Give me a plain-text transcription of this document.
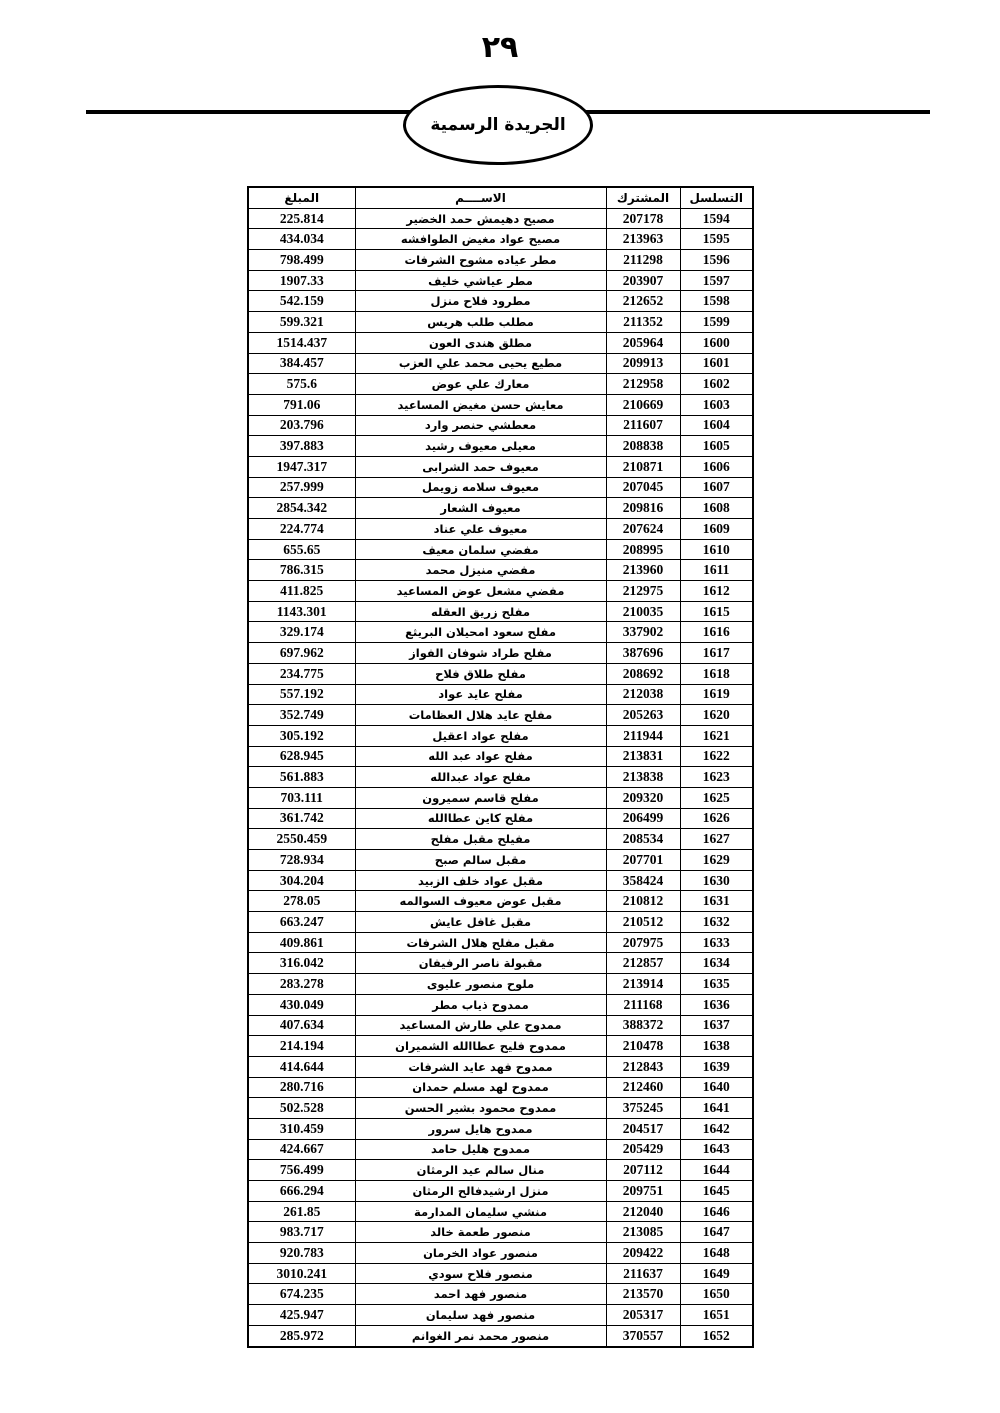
٢٩
الجريدة الرسمية
المبلغ	الاســــم	المشترك	التسلسل
225.814	مصيح دهيمش حمد الخضير	207178	1594
434.034	مصيح عواد مغيض الطوافشه	213963	1595
798.499	مطر عياده مشوح الشرفات	211298	1596
1907.33	مطر عياشي خليف	203907	1597
542.159	مطرود فلاح منزل	212652	1598
599.321	مطلب طلب هريس	211352	1599
1514.437	مطلق هندى العون	205964	1600
384.457	مطيع يحيى محمد علي العزب	209913	1601
575.6	معارك علي عوض	212958	1602
791.06	معايش حسن مغيض المساعيد	210669	1603
203.796	معطشي حنصر وارد	211607	1604
397.883	معيلى معيوف رشيد	208838	1605
1947.317	معيوف حمد الشرابى	210871	1606
257.999	معيوف سلامه زويمل	207045	1607
2854.342	معيوف الشعار	209816	1608
224.774	معيوف علي عناد	207624	1609
655.65	مفضي سلمان معيف	208995	1610
786.315	مفضي منيزل محمد	213960	1611
411.825	مفضي مشعل عوض المساعيد	212975	1612
1143.301	مفلح زريق العقله	210035	1615
329.174	مفلح سعود امحيلان البريثع	337902	1616
697.962	مفلح طراد شوفان الفواز	387696	1617
234.775	مفلح طلاق فلاح	208692	1618
557.192	مفلح عايد عواد	212038	1619
352.749	مفلح عايد هلال العظامات	205263	1620
305.192	مفلح عواد اعقيل	211944	1621
628.945	مفلح عواد عبد الله	213831	1622
561.883	مفلح عواد عبدالله	213838	1623
703.111	مفلح قاسم سميرون	209320	1625
361.742	مفلح كاين عطاالله	206499	1626
2550.459	مفيلح مقبل مفلح	208534	1627
728.934	مقبل سالم صبح	207701	1629
304.204	مقبل عواد خلف الزبيد	358424	1630
278.05	مقبل عوض معيوف السوالمه	210812	1631
663.247	مقبل غافل عايش	210512	1632
409.861	مقبل مفلح هلال الشرفات	207975	1633
316.042	مقبولة ناصر الرفيفان	212857	1634
283.278	ملوح منصور عليوى	213914	1635
430.049	ممدوح ذياب مطر	211168	1636
407.634	ممدوح علي طارش المساعيد	388372	1637
214.194	ممدوح فليح عطاالله الشميران	210478	1638
414.644	ممدوح فهد عايد الشرفات	212843	1639
280.716	ممدوح لهد مسلم حمدان	212460	1640
502.528	ممدوح محمود بشير الحسن	375245	1641
310.459	ممدوح هايل سرور	204517	1642
424.667	ممدوح هليل حامد	205429	1643
756.499	منال سالم عيد الرمثان	207112	1644
666.294	منزل ارشيدفالح الرمثان	209751	1645
261.85	منشي سليمان المدارمة	212040	1646
983.717	منصور طعمة خالد	213085	1647
920.783	منصور عواد الخرمان	209422	1648
3010.241	منصور فلاح سودي	211637	1649
674.235	منصور فهد احمد	213570	1650
425.947	منصور فهد سليمان	205317	1651
285.972	منصور محمد نمر الغوانم	370557	1652
